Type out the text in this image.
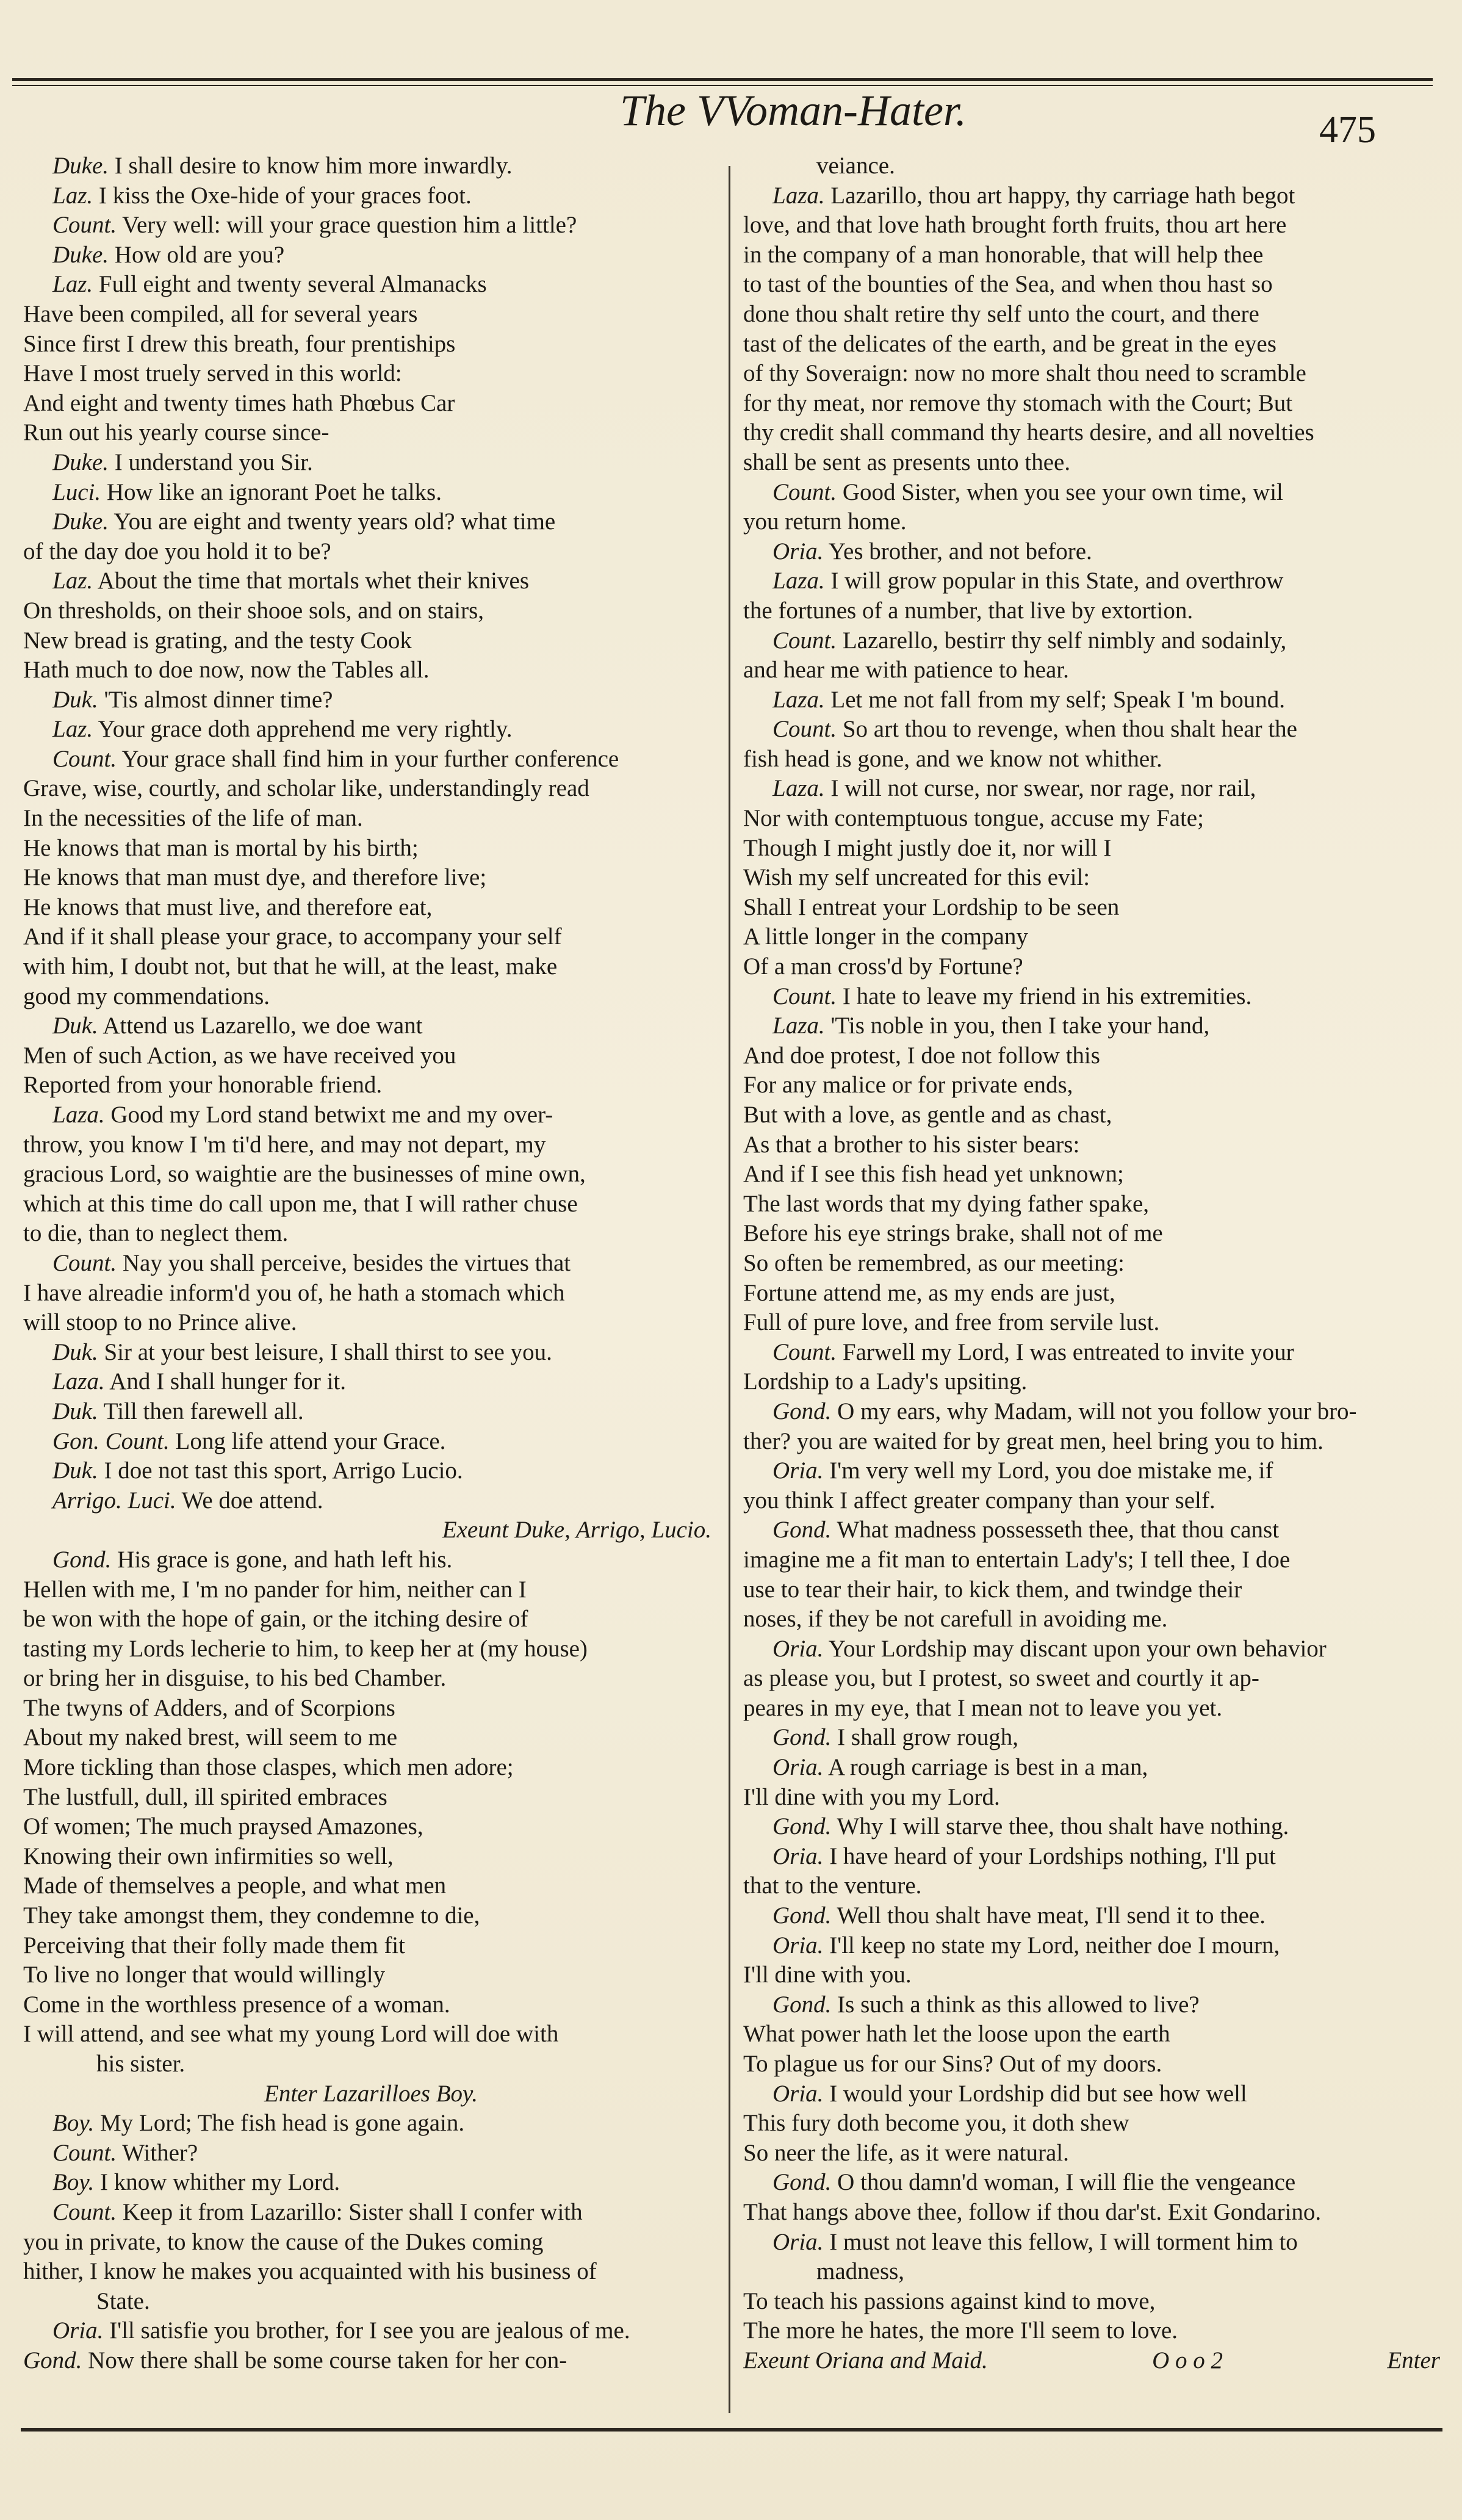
The VVoman-Hater.	475
Duke. I shall desire to know him more inwardly.
Laz. I kiss the Oxe-hide of your graces foot.
Count. Very well: will your grace question him a little?
Duke. How old are you?
Laz. Full eight and twenty several Almanacks
Have been compiled, all for several years
Since first I drew this breath, four prentiships
Have I most truely served in this world:
And eight and twenty times hath Phœbus Car
Run out his yearly course since-
Duke. I understand you Sir.
Luci. How like an ignorant Poet he talks.
Duke. You are eight and twenty years old? what time
of the day doe you hold it to be?
Laz. About the time that mortals whet their knives
On thresholds, on their shooe sols, and on stairs,
New bread is grating, and the testy Cook
Hath much to doe now, now the Tables all.
Duk. 'Tis almost dinner time?
Laz. Your grace doth apprehend me very rightly.
Count. Your grace shall find him in your further conference
Grave, wise, courtly, and scholar like, understandingly read
In the necessities of the life of man.
He knows that man is mortal by his birth;
He knows that man must dye, and therefore live;
He knows that must live, and therefore eat,
And if it shall please your grace, to accompany your self
with him, I doubt not, but that he will, at the least, make
good my commendations.
Duk. Attend us Lazarello, we doe want
Men of such Action, as we have received you
Reported from your honorable friend.
Laza. Good my Lord stand betwixt me and my over-
throw, you know I 'm ti'd here, and may not depart, my
gracious Lord, so waightie are the businesses of mine own,
which at this time do call upon me, that I will rather chuse
to die, than to neglect them.
Count. Nay you shall perceive, besides the virtues that
I have alreadie inform'd you of, he hath a stomach which
will stoop to no Prince alive.
Duk. Sir at your best leisure, I shall thirst to see you.
Laza. And I shall hunger for it.
Duk. Till then farewell all.
Gon. Count. Long life attend your Grace.
Duk. I doe not tast this sport, Arrigo Lucio.
Arrigo. Luci. We doe attend.
Exeunt Duke, Arrigo, Lucio.
Gond. His grace is gone, and hath left his.
Hellen with me, I 'm no pander for him, neither can I
be won with the hope of gain, or the itching desire of
tasting my Lords lecherie to him, to keep her at (my house)
or bring her in disguise, to his bed Chamber.
The twyns of Adders, and of Scorpions
About my naked brest, will seem to me
More tickling than those claspes, which men adore;
The lustfull, dull, ill spirited embraces
Of women; The much praysed Amazones,
Knowing their own infirmities so well,
Made of themselves a people, and what men
They take amongst them, they condemne to die,
Perceiving that their folly made them fit
To live no longer that would willingly
Come in the worthless presence of a woman.
I will attend, and see what my young Lord will doe with
his sister.
Enter Lazarilloes Boy.
Boy. My Lord; The fish head is gone again.
Count. Wither?
Boy. I know whither my Lord.
Count. Keep it from Lazarillo: Sister shall I confer with
you in private, to know the cause of the Dukes coming
hither, I know he makes you acquainted with his business of
State.
Oria. I'll satisfie you brother, for I see you are jealous of me.
Gond. Now there shall be some course taken for her con-
veiance.
Laza. Lazarillo, thou art happy, thy carriage hath begot
love, and that love hath brought forth fruits, thou art here
in the company of a man honorable, that will help thee
to tast of the bounties of the Sea, and when thou hast so
done thou shalt retire thy self unto the court, and there
tast of the delicates of the earth, and be great in the eyes
of thy Soveraign: now no more shalt thou need to scramble
for thy meat, nor remove thy stomach with the Court; But
thy credit shall command thy hearts desire, and all novelties
shall be sent as presents unto thee.
Count. Good Sister, when you see your own time, wil
you return home.
Oria. Yes brother, and not before.
Laza. I will grow popular in this State, and overthrow
the fortunes of a number, that live by extortion.
Count. Lazarello, bestirr thy self nimbly and sodainly,
and hear me with patience to hear.
Laza. Let me not fall from my self; Speak I 'm bound.
Count. So art thou to revenge, when thou shalt hear the
fish head is gone, and we know not whither.
Laza. I will not curse, nor swear, nor rage, nor rail,
Nor with contemptuous tongue, accuse my Fate;
Though I might justly doe it, nor will I
Wish my self uncreated for this evil:
Shall I entreat your Lordship to be seen
A little longer in the company
Of a man cross'd by Fortune?
Count. I hate to leave my friend in his extremities.
Laza. 'Tis noble in you, then I take your hand,
And doe protest, I doe not follow this
For any malice or for private ends,
But with a love, as gentle and as chast,
As that a brother to his sister bears:
And if I see this fish head yet unknown;
The last words that my dying father spake,
Before his eye strings brake, shall not of me
So often be remembred, as our meeting:
Fortune attend me, as my ends are just,
Full of pure love, and free from servile lust.
Count. Farwell my Lord, I was entreated to invite your
Lordship to a Lady's upsiting.
Gond. O my ears, why Madam, will not you follow your bro-
ther? you are waited for by great men, heel bring you to him.
Oria. I'm very well my Lord, you doe mistake me, if
you think I affect greater company than your self.
Gond. What madness possesseth thee, that thou canst
imagine me a fit man to entertain Lady's; I tell thee, I doe
use to tear their hair, to kick them, and twindge their
noses, if they be not carefull in avoiding me.
Oria. Your Lordship may discant upon your own behavior
as please you, but I protest, so sweet and courtly it ap-
peares in my eye, that I mean not to leave you yet.
Gond. I shall grow rough,
Oria. A rough carriage is best in a man,
I'll dine with you my Lord.
Gond. Why I will starve thee, thou shalt have nothing.
Oria. I have heard of your Lordships nothing, I'll put
that to the venture.
Gond. Well thou shalt have meat, I'll send it to thee.
Oria. I'll keep no state my Lord, neither doe I mourn,
I'll dine with you.
Gond. Is such a think as this allowed to live?
What power hath let the loose upon the earth
To plague us for our Sins? Out of my doors.
Oria. I would your Lordship did but see how well
This fury doth become you, it doth shew
So neer the life, as it were natural.
Gond. O thou damn'd woman, I will flie the vengeance
That hangs above thee, follow if thou dar'st. Exit Gondarino.
Oria. I must not leave this fellow, I will torment him to
madness,
To teach his passions against kind to move,
The more he hates, the more I'll seem to love.
Exeunt Oriana and Maid.	O o o 2	Enter
